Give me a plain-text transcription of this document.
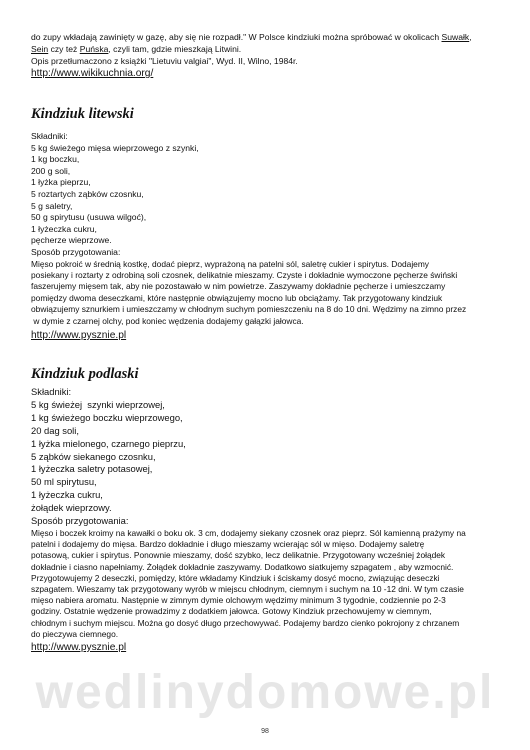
do zupy wkładają zawinięty w gazę, aby się nie rozpadł." W Polsce kindziuki można spróbować w okolicach Suwałk,
Sein czy też Puńska, czyli tam, gdzie mieszkają Litwini.
Opis przetłumaczono z książki "Lietuviu valgiai", Wyd. II, Wilno, 1984r.
http://www.wikikuchnia.org/
Kindziuk litewski
Składniki:
5 kg świeżego mięsa wieprzowego z szynki,
1 kg boczku,
200 g soli,
1 łyżka pieprzu,
5 roztartych ząbków czosnku,
5 g saletry,
50 g spirytusu (usuwa wilgoć),
1 łyżeczka cukru,
pęcherze wieprzowe.
Sposób przygotowania:
Mięso pokroić w średnią kostkę, dodać pieprz, wyprażoną na patelni sól, saletrę cukier i spirytus. Dodajemy
posiekany i roztarty z odrobiną soli czosnek, delikatnie mieszamy. Czyste i dokładnie wymoczone pęcherze świński
faszerujemy mięsem tak, aby nie pozostawało w nim powietrze. Zaszywamy dokładnie pęcherze i umieszczamy
pomiędzy dwoma deseczkami, które następnie obwiązujemy mocno lub obciążamy. Tak przygotowany kindziuk
obwiązujemy sznurkiem i umieszczamy w chłodnym suchym pomieszczeniu na 8 do 10 dni. Wędzimy na zimno przez
w dymie z czarnej olchy, pod koniec wędzenia dodajemy gałązki jałowca.
http://www.pysznie.pl
Kindziuk podlaski
Składniki:
5 kg świeżej  szynki wieprzowej,
1 kg świeżego boczku wieprzowego,
20 dag soli,
1 łyżka mielonego, czarnego pieprzu,
5 ząbków siekanego czosnku,
1 łyżeczka saletry potasowej,
50 ml spirytusu,
1 łyżeczka cukru,
żołądek wieprzowy.
Sposób przygotowania:
Mięso i boczek kroimy na kawałki o boku ok. 3 cm, dodajemy siekany czosnek oraz pieprz. Sól kamienną prażymy na
patelni i dodajemy do mięsa. Bardzo dokładnie i długo mieszamy wcierając sól w mięso. Dodajemy saletrę
potasową, cukier i spirytus. Ponownie mieszamy, dość szybko, lecz delikatnie. Przygotowany wcześniej żołądek
dokładnie i ciasno napełniamy. Żołądek dokładnie zaszywamy. Dodatkowo siatkujemy szpagatem , aby wzmocnić.
Przygotowujemy 2 deseczki, pomiędzy, które wkładamy Kindziuk i ściskamy dosyć mocno, związując deseczki
szpagatem. Wieszamy tak przygotowany wyrób w miejscu chłodnym, ciemnym i suchym na 10 -12 dni. W tym czasie
mięso nabiera aromatu. Następnie w zimnym dymie olchowym wędzimy minimum 3 tygodnie, codziennie po 2-3
godziny. Ostatnie wędzenie prowadzimy z dodatkiem jałowca. Gotowy Kindziuk przechowujemy w ciemnym,
chłodnym i suchym miejscu. Można go dosyć długo przechowywać. Podajemy bardzo cienko pokrojony z chrzanem
do pieczywa ciemnego.
http://www.pysznie.pl
wedlinydomowe.pl
98
